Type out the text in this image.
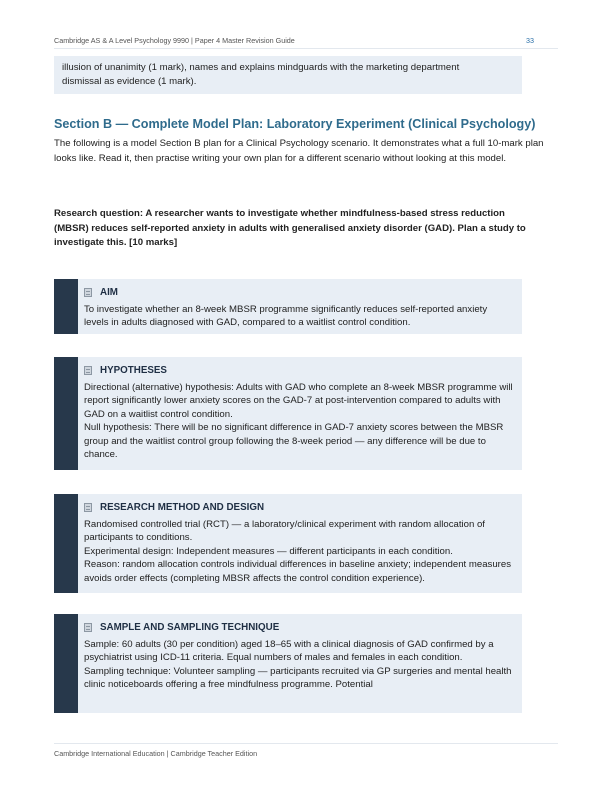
Cambridge AS & A Level Psychology 9990 | Paper 4 Master Revision Guide	33
illusion of unanimity (1 mark), names and explains mindguards with the marketing department
dismissal as evidence (1 mark).
Section B — Complete Model Plan: Laboratory Experiment (Clinical Psychology)
The following is a model Section B plan for a Clinical Psychology scenario. It demonstrates what a full 10-mark plan looks like. Read it, then practise writing your own plan for a different scenario without looking at this model.
Research question: A researcher wants to investigate whether mindfulness-based stress reduction (MBSR) reduces self-reported anxiety in adults with generalised anxiety disorder (GAD). Plan a study to investigate this. [10 marks]
AIM

To investigate whether an 8-week MBSR programme significantly reduces self-reported anxiety levels in adults diagnosed with GAD, compared to a waitlist control condition.

HYPOTHESES

Directional (alternative) hypothesis: Adults with GAD who complete an 8-week MBSR programme will report significantly lower anxiety scores on the GAD-7 at post-intervention compared to adults with GAD on a waitlist control condition.

Null hypothesis: There will be no significant difference in GAD-7 anxiety scores between the MBSR group and the waitlist control group following the 8-week period — any difference will be due to chance.

RESEARCH METHOD AND DESIGN

Randomised controlled trial (RCT) — a laboratory/clinical experiment with random allocation of participants to conditions.

Experimental design: Independent measures — different participants in each condition.

Reason: random allocation controls individual differences in baseline anxiety; independent measures avoids order effects (completing MBSR affects the control condition experience).

SAMPLE AND SAMPLING TECHNIQUE

Sample: 60 adults (30 per condition) aged 18–65 with a clinical diagnosis of GAD confirmed by a psychiatrist using ICD-11 criteria. Equal numbers of males and females in each condition.

Sampling technique: Volunteer sampling — participants recruited via GP surgeries and mental health clinic noticeboards offering a free mindfulness programme. Potential

Cambridge International Education | Cambridge Teacher Edition
